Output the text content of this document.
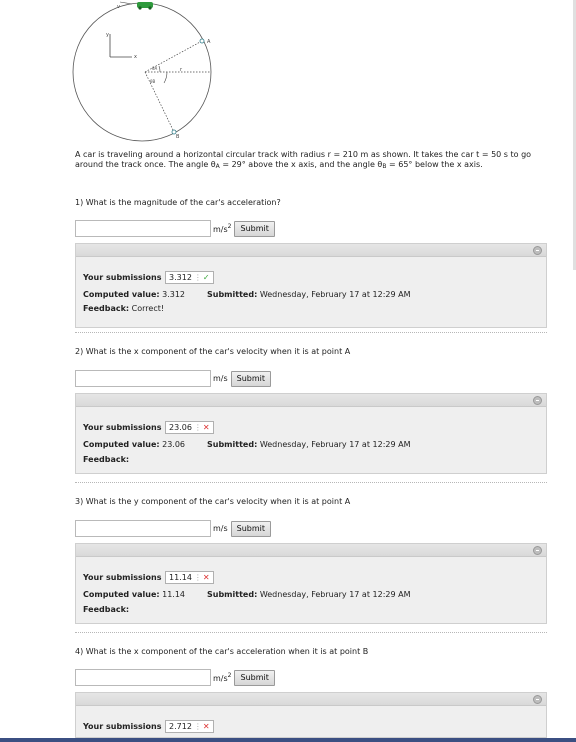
v
y
x
A
B
r
θA
θB
A car is traveling around a horizontal circular track with radius r = 210 m as shown. It takes the car t = 50 s to go
around the track once. The angle $\theta_A = 29^\circ$ above the x axis, and the angle $\theta_B = 65^\circ$ below the x axis.
1) What is the magnitude of the car's acceleration?
$m/s^2$	Submit
Your submissions 3.312 ⋮✓
Computed value: 3.312	Submitted: Wednesday, February 17 at 12:29 AM
Feedback: Correct!
2) What is the x component of the car's velocity when it is at point A
m/s	Submit
Your submissions 23.06 ⋮✕
Computed value: 23.06	Submitted: Wednesday, February 17 at 12:29 AM
Feedback:
3) What is the y component of the car's velocity when it is at point A
m/s	Submit
Your submissions 11.14 ⋮✕
Computed value: 11.14	Submitted: Wednesday, February 17 at 12:29 AM
Feedback:
4) What is the x component of the car's acceleration when it is at point B
$m/s^2$	Submit
Your submissions 2.712 ⋮✕
